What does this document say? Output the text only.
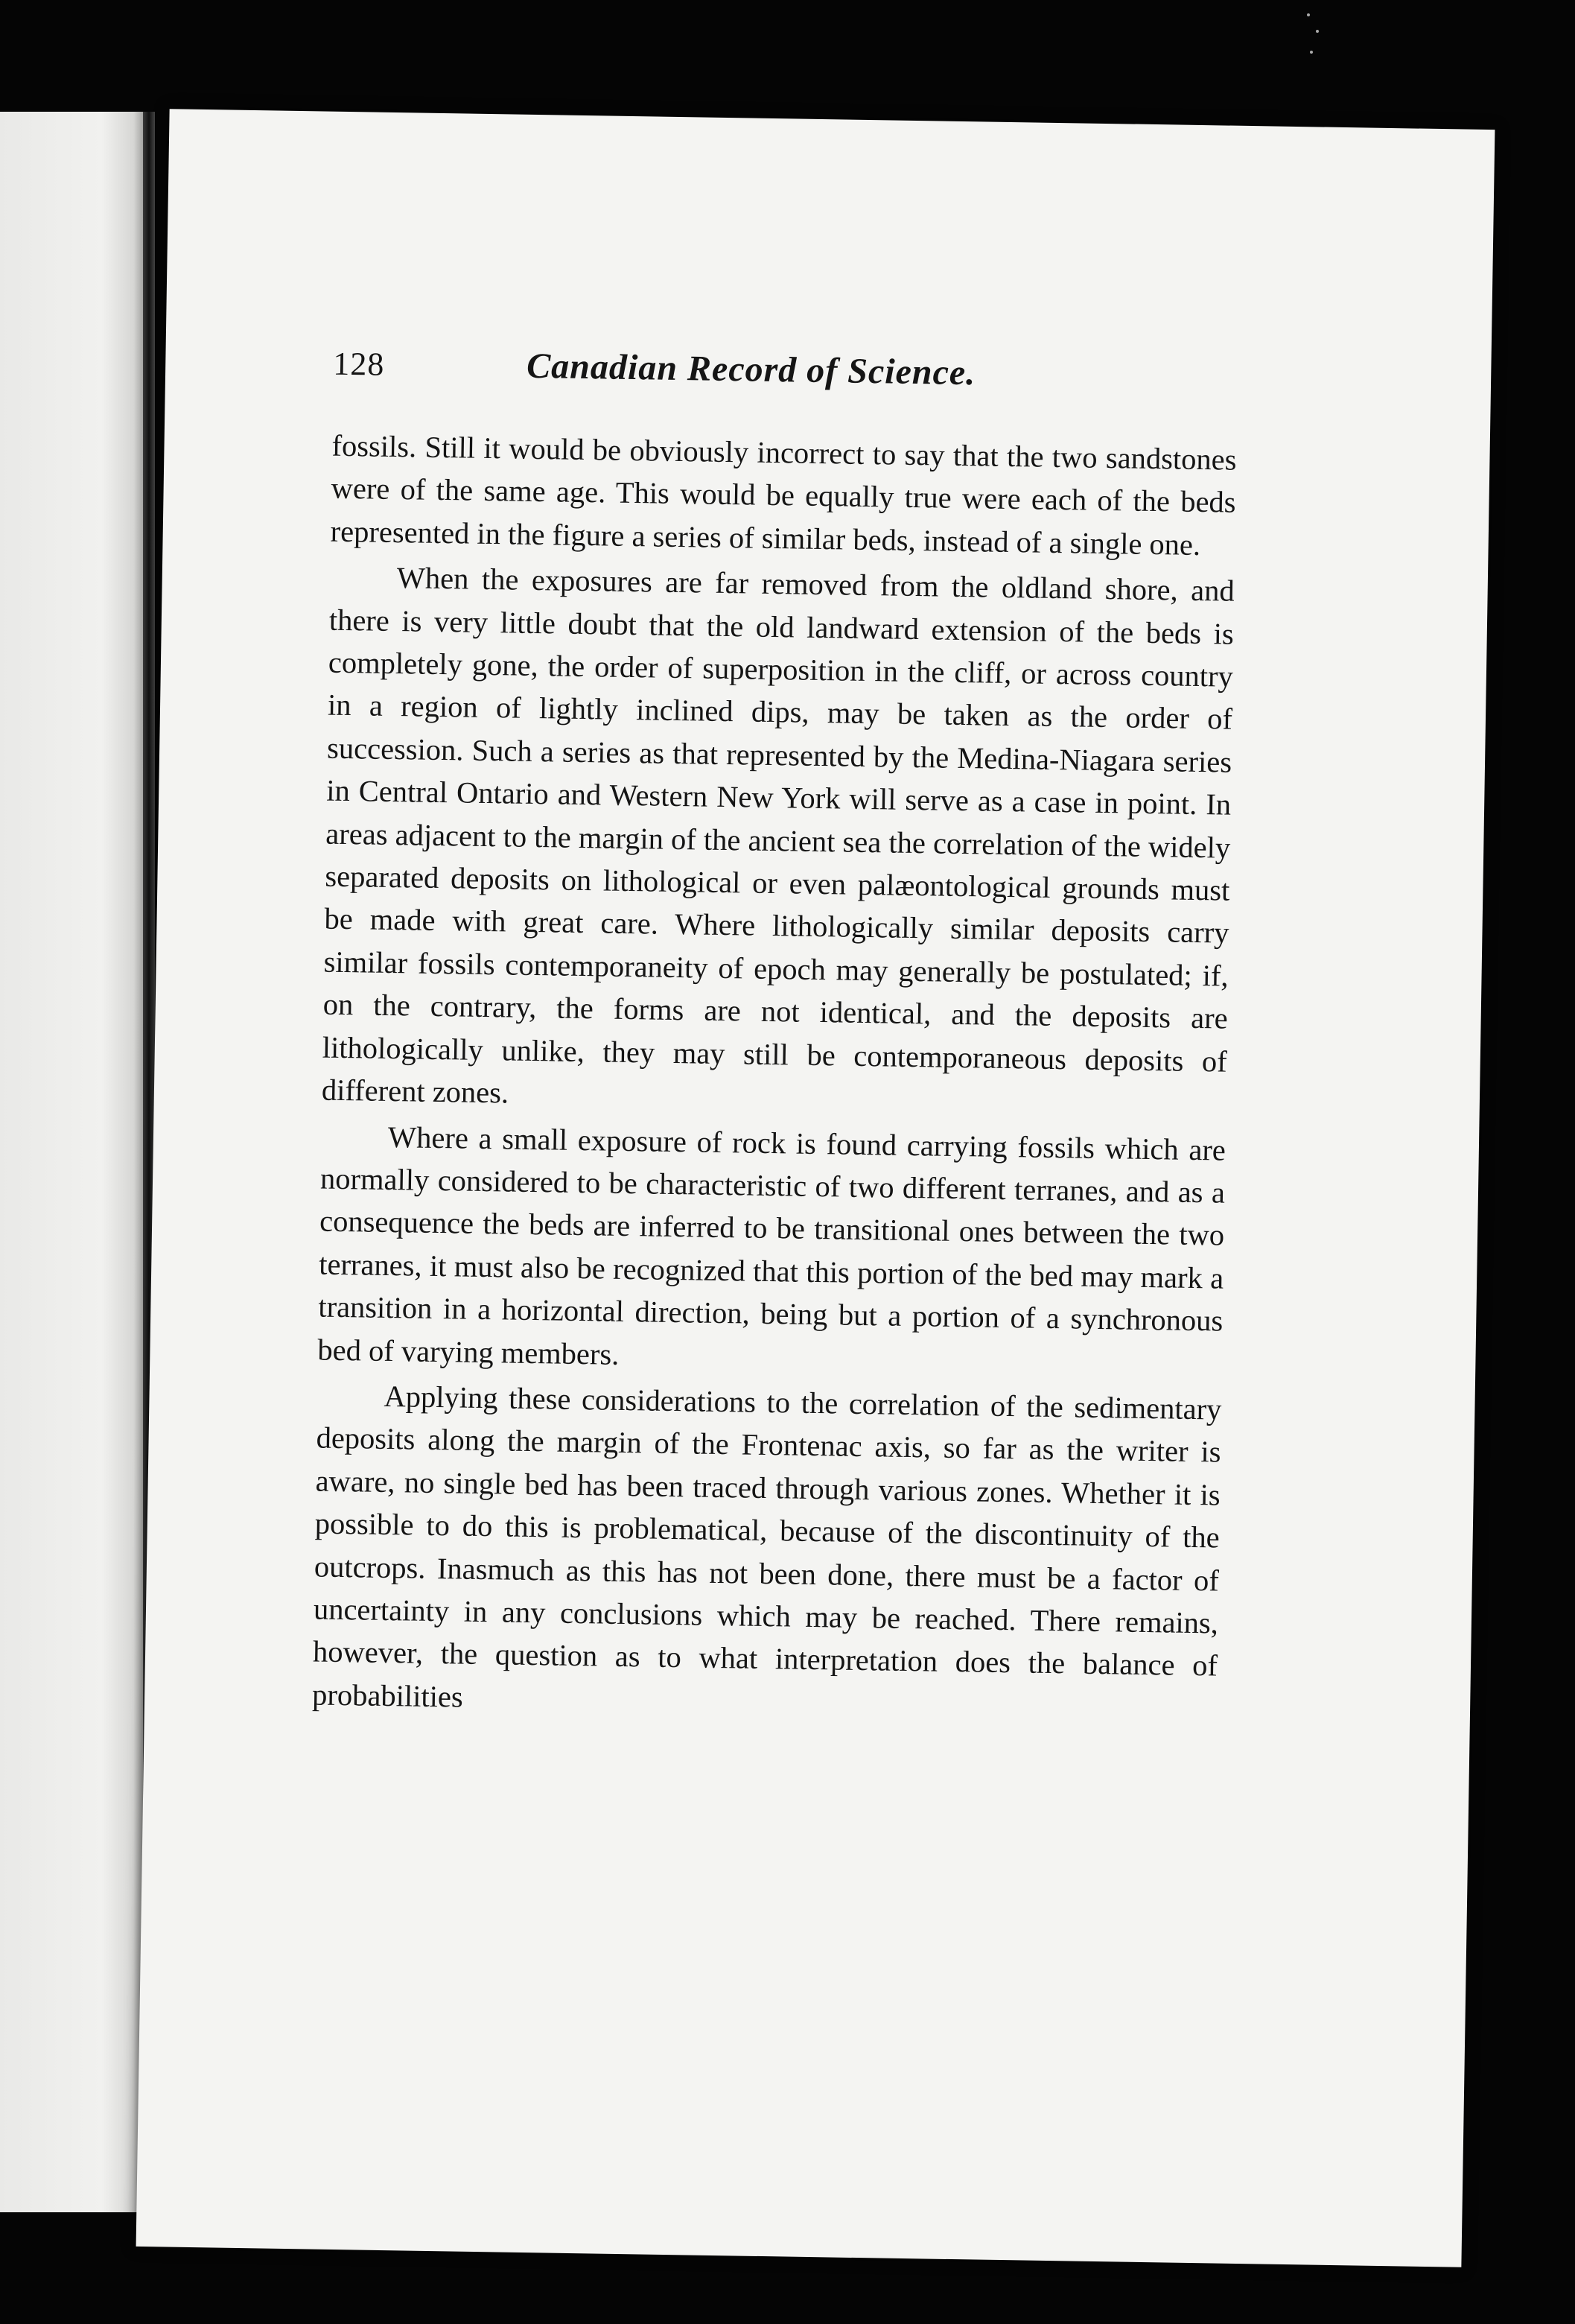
128	Canadian Record of Science.

fossils. Still it would be obviously incorrect to say that the two sandstones were of the same age. This would be equally true were each of the beds represented in the figure a series of similar beds, instead of a single one.

When the exposures are far removed from the oldland shore, and there is very little doubt that the old landward extension of the beds is completely gone, the order of superposition in the cliff, or across country in a region of lightly inclined dips, may be taken as the order of succession. Such a series as that represented by the Medina-Niagara series in Central Ontario and Western New York will serve as a case in point. In areas adjacent to the margin of the ancient sea the correlation of the widely separated deposits on lithological or even palæontological grounds must be made with great care. Where lithologically similar deposits carry similar fossils contemporaneity of epoch may generally be postulated; if, on the contrary, the forms are not identical, and the deposits are lithologically unlike, they may still be contemporaneous deposits of different zones.

Where a small exposure of rock is found carrying fossils which are normally considered to be characteristic of two different terranes, and as a consequence the beds are inferred to be transitional ones between the two terranes, it must also be recognized that this portion of the bed may mark a transition in a horizontal direction, being but a portion of a synchronous bed of varying members.

Applying these considerations to the correlation of the sedimentary deposits along the margin of the Frontenac axis, so far as the writer is aware, no single bed has been traced through various zones. Whether it is possible to do this is problematical, because of the discontinuity of the outcrops. Inasmuch as this has not been done, there must be a factor of uncertainty in any conclusions which may be reached. There remains, however, the question as to what interpretation does the balance of probabilities
